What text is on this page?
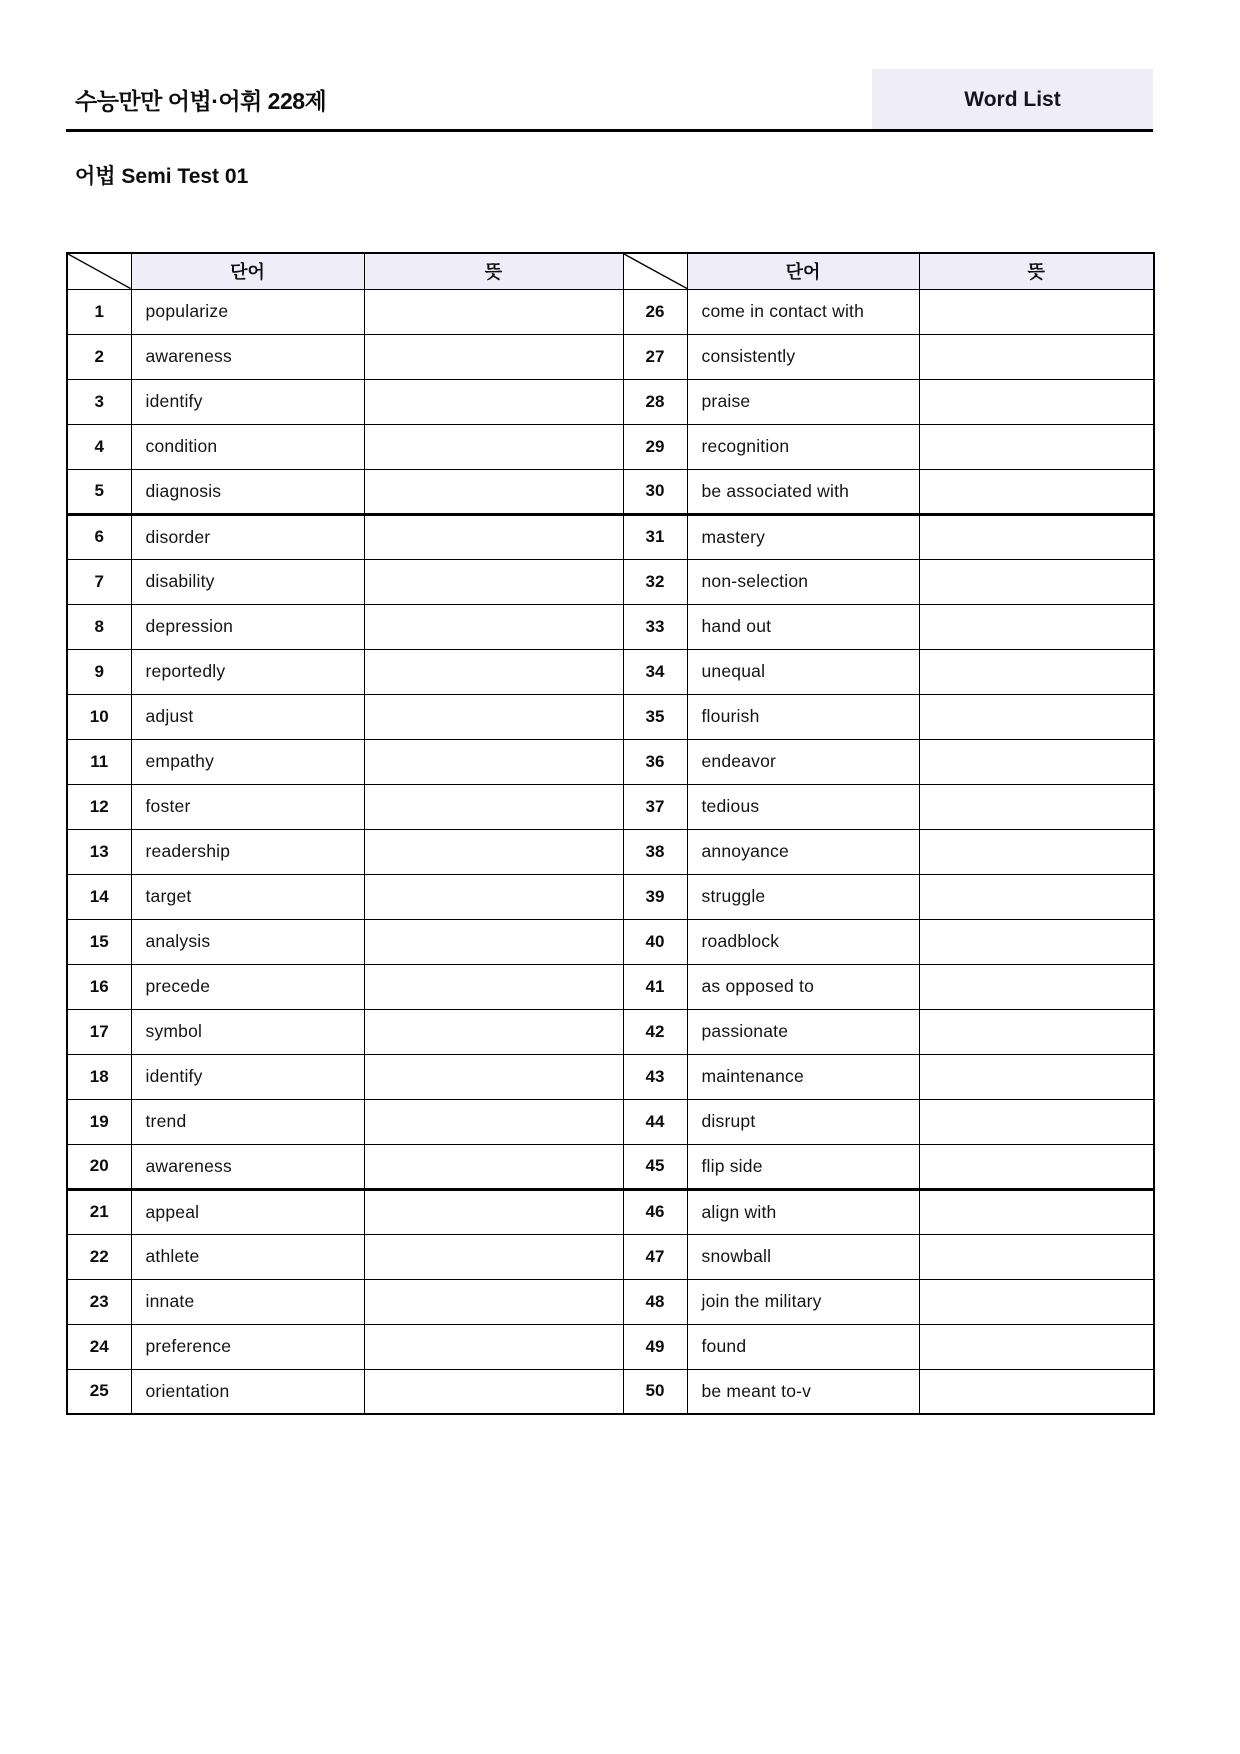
수능만만 어법·어휘 228제	Word List
어법 Semi Test 01
	단어	뜻		단어	뜻
1	popularize		26	come in contact with	
2	awareness		27	consistently	
3	identify		28	praise	
4	condition		29	recognition	
5	diagnosis		30	be associated with	
6	disorder		31	mastery	
7	disability		32	non-selection	
8	depression		33	hand out	
9	reportedly		34	unequal	
10	adjust		35	flourish	
11	empathy		36	endeavor	
12	foster		37	tedious	
13	readership		38	annoyance	
14	target		39	struggle	
15	analysis		40	roadblock	
16	precede		41	as opposed to	
17	symbol		42	passionate	
18	identify		43	maintenance	
19	trend		44	disrupt	
20	awareness		45	flip side	
21	appeal		46	align with	
22	athlete		47	snowball	
23	innate		48	join the military	
24	preference		49	found	
25	orientation		50	be meant to-v	
